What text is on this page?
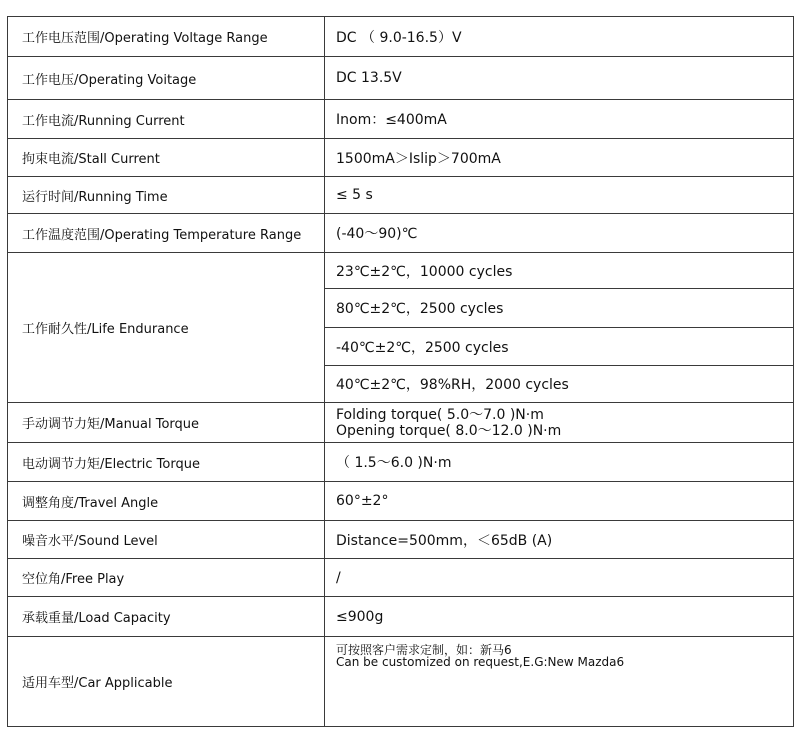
工作电压范围/Operating Voltage Range	DC （ 9.0-16.5）V
工作电压/Operating Voitage	DC 13.5V
工作电流/Running Current	Inom：≤400mA
拘束电流/Stall Current	1500mA＞Islip＞700mA
运行时间/Running Time	≤ 5 s
工作温度范围/Operating Temperature Range	(-40～90)℃
工作耐久性/Life Endurance	23℃±2℃，10000 cycles
	80℃±2℃，2500 cycles
	-40℃±2℃，2500 cycles
	40℃±2℃，98%RH，2000 cycles
手动调节力矩/Manual Torque	Folding torque( 5.0～7.0 )N·m
Opening torque( 8.0～12.0 )N·m

电动调节力矩/Electric Torque	（ 1.5～6.0 )N·m
调整角度/Travel Angle	60°±2°
噪音水平/Sound Level	Distance=500mm，＜65dB (A)
空位角/Free Play	/
承载重量/Load Capacity	≤900g
适用车型/Car Applicable	可按照客户需求定制，如：新马6
Can be customized on request,E.G:New Mazda6
